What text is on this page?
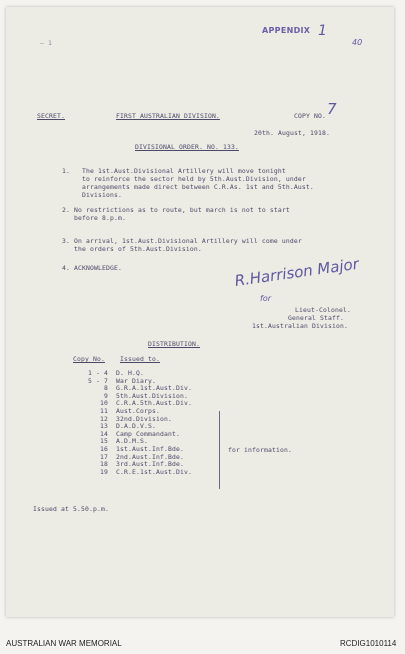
APPENDIX 1
40
— 1
SECRET.	FIRST AUSTRALIAN DIVISION.	COPY NO. 7
20th. August, 1918.
DIVISIONAL ORDER. NO. 133.
1. The 1st.Aust.Divisional Artillery will move tonight
to reinforce the sector held by 5th.Aust.Division, under
arrangements made direct between C.R.As. 1st and 5th.Aust.
Divisions.
2. No restrictions as to route, but march is not to start
before 8.p.m.
3. On arrival, 1st.Aust.Divisional Artillery will come under
the orders of 5th.Aust.Division.
4. ACKNOWLEDGE.	R.Harrison Major
for
Lieut-Colonel.
General Staff.
1st.Australian Division.
DISTRIBUTION.
Copy No. Issued to.
1 - 4 D. H.Q.
5 - 7 War Diary.
8 G.R.A.1st.Aust.Div.
9 5th.Aust.Division.
10 C.R.A.5th.Aust.Div.
11 Aust.Corps.
12 32nd.Division.
13 D.A.D.V.S.
14 Camp Commandant.
15 A.D.M.S.
16 1st.Aust.Inf.Bde.
17 2nd.Aust.Inf.Bde.
18 3rd.Aust.Inf.Bde.
19 C.R.E.1st.Aust.Div.
for information.
Issued at 5.50.p.m.
AUSTRALIAN WAR MEMORIAL	RCDIG1010114
